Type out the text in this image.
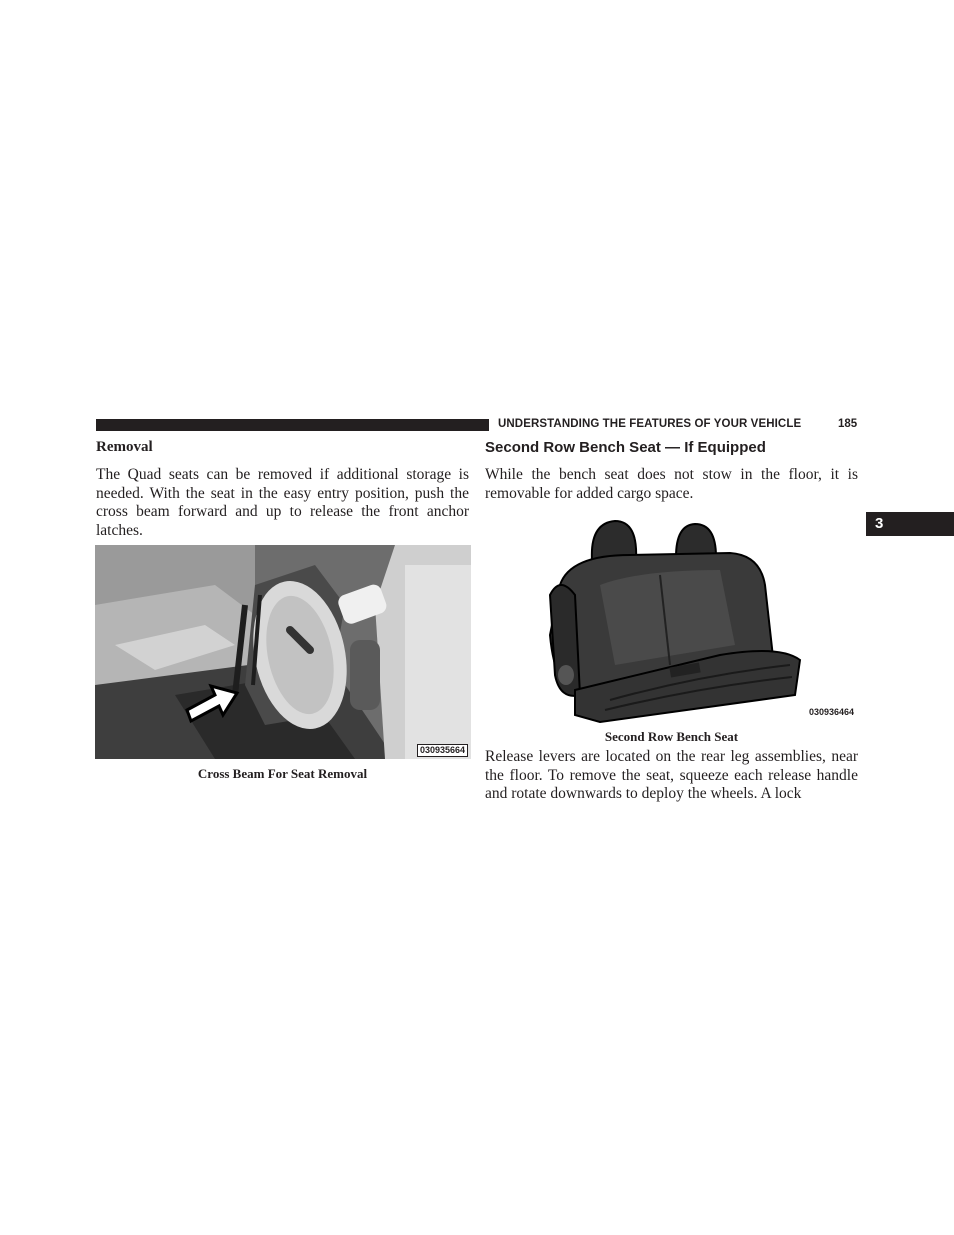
UNDERSTANDING THE FEATURES OF YOUR VEHICLE	185
3
Removal
The Quad seats can be removed if additional storage is needed. With the seat in the easy entry position, push the cross beam forward and up to release the front anchor latches.
030935664
Cross Beam For Seat Removal
Second Row Bench Seat — If Equipped
While the bench seat does not stow in the floor, it is removable for added cargo space.
030936464
Second Row Bench Seat
Release levers are located on the rear leg assemblies, near the floor. To remove the seat, squeeze each release handle and rotate downwards to deploy the wheels. A lock
